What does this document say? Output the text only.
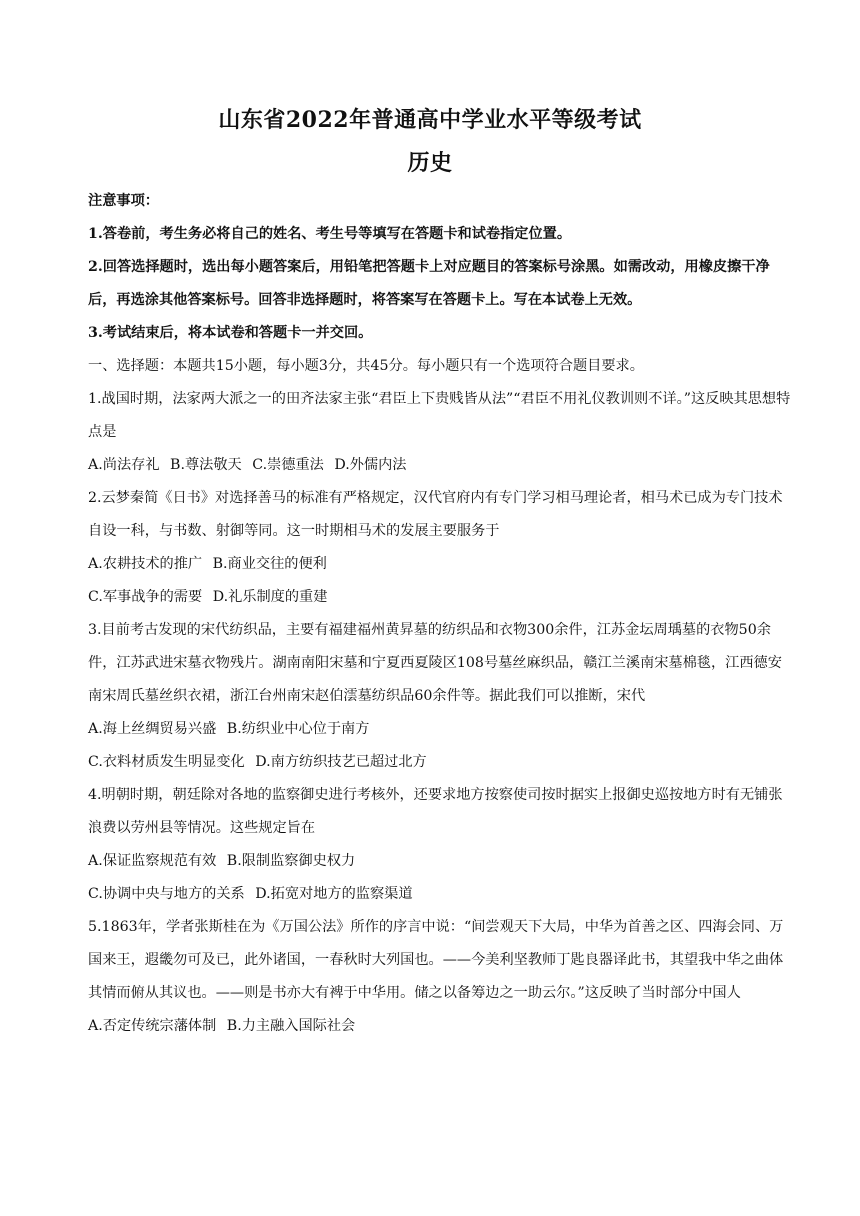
山东省2022年普通高中学业水平等级考试
历史

注意事项：

1.答卷前，考生务必将自己的姓名、考生号等填写在答题卡和试卷指定位置。

2.回答选择题时，选出每小题答案后，用铅笔把答题卡上对应题目的答案标号涂黑。如需改动，用橡皮擦干净后，再选涂其他答案标号。回答非选择题时，将答案写在答题卡上。写在本试卷上无效。

3.考试结束后，将本试卷和答题卡一并交回。

一、选择题：本题共15小题，每小题3分，共45分。每小题只有一个选项符合题目要求。

1.战国时期，法家两大派之一的田齐法家主张“君臣上下贵贱皆从法”“君臣不用礼仪教训则不详。”这反映其思想特点是

A.尚法存礼 B.尊法敬天 C.崇德重法 D.外儒内法

2.云梦秦简《日书》对选择善马的标准有严格规定，汉代官府内有专门学习相马理论者，相马术已成为专门技术自设一科，与书数、射御等同。这一时期相马术的发展主要服务于

A.农耕技术的推广 B.商业交往的便利

C.军事战争的需要 D.礼乐制度的重建

3.目前考古发现的宋代纺织品，主要有福建福州黄昇墓的纺织品和衣物300余件，江苏金坛周瑀墓的衣物50余件，江苏武进宋墓衣物残片。湖南南阳宋墓和宁夏西夏陵区108号墓丝麻织品，赣江兰溪南宋墓棉毯，江西德安南宋周氏墓丝织衣裙，浙江台州南宋赵伯澐墓纺织品60余件等。据此我们可以推断，宋代

A.海上丝绸贸易兴盛 B.纺织业中心位于南方

C.衣料材质发生明显变化 D.南方纺织技艺已超过北方

4.明朝时期，朝廷除对各地的监察御史进行考核外，还要求地方按察使司按时据实上报御史巡按地方时有无铺张浪费以劳州县等情况。这些规定旨在

A.保证监察规范有效 B.限制监察御史权力

C.协调中央与地方的关系 D.拓宽对地方的监察渠道

5.1863年，学者张斯桂在为《万国公法》所作的序言中说：“间尝观天下大局，中华为首善之区、四海会同、万国来王，遐畿勿可及已，此外诸国，一春秋时大列国也。——今美利坚教师丁匙良器译此书，其望我中华之曲体其情而俯从其议也。——则是书亦大有裨于中华用。储之以备筹边之一助云尔。”这反映了当时部分中国人

A.否定传统宗藩体制 B.力主融入国际社会
